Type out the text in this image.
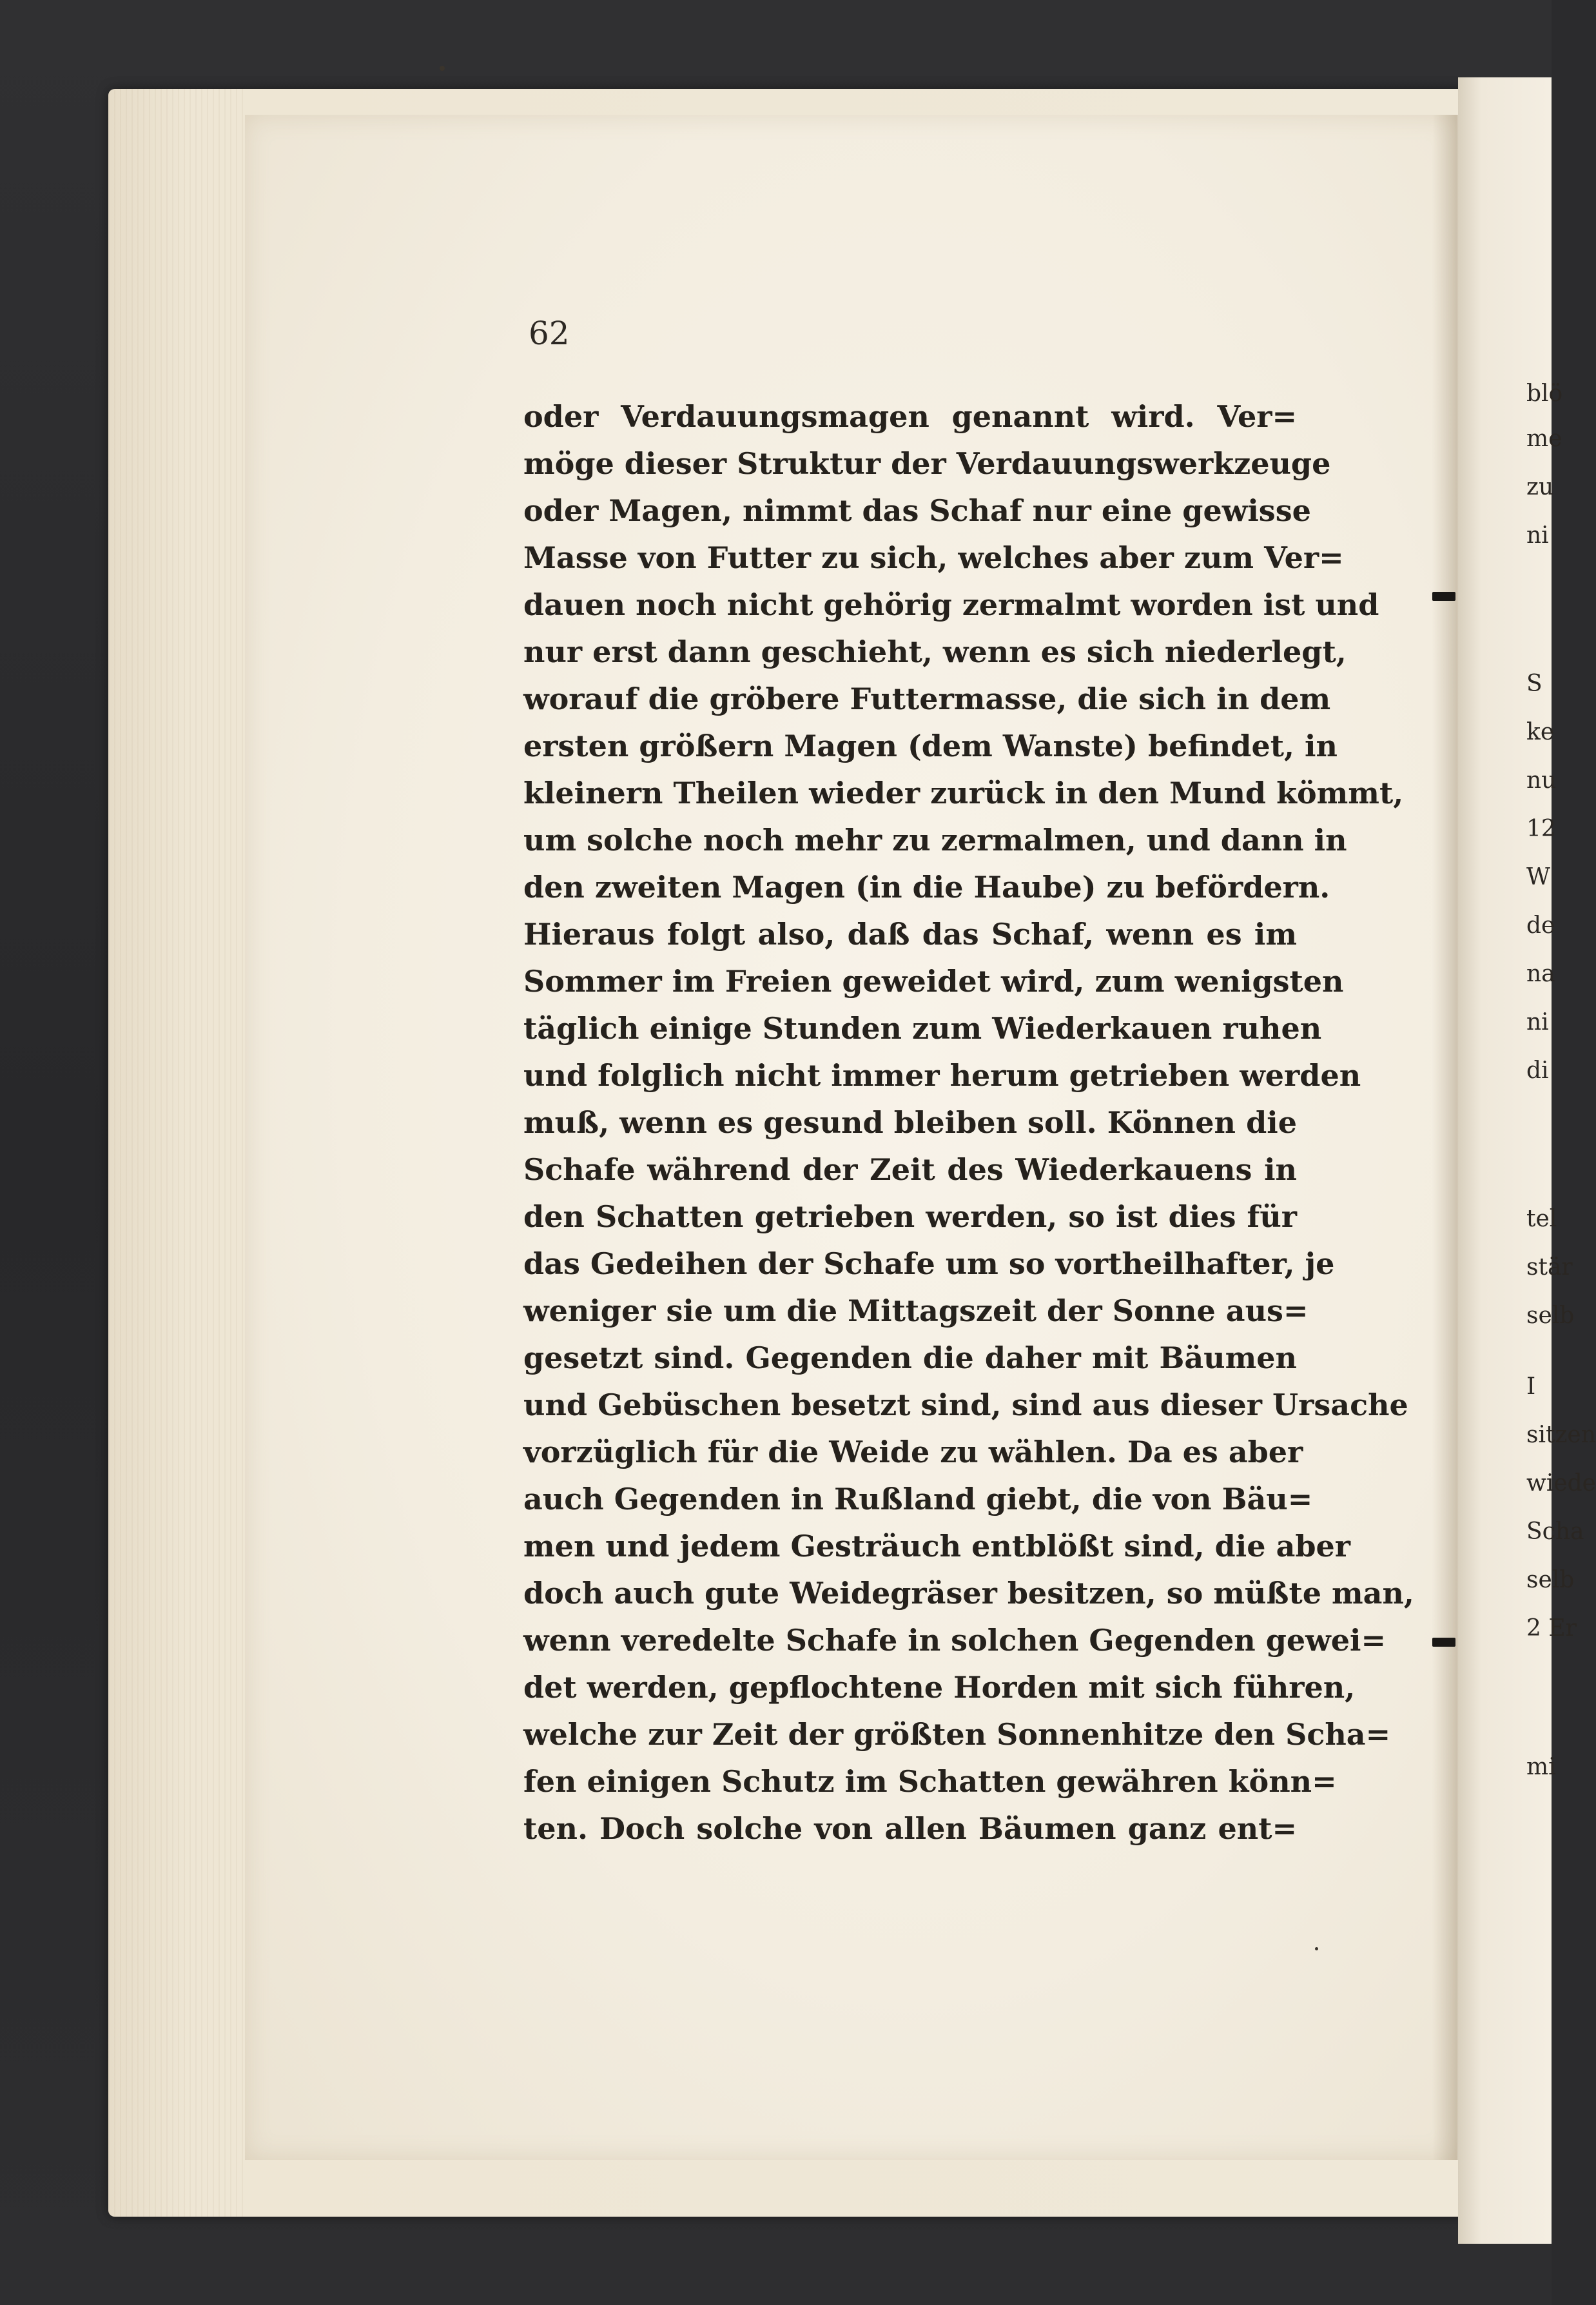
blö
me
zu
ni
S
ke
nu
12
W
de
na
ni
di
tel
stär
selb
I
sitzen
wiede
Scha
selb
2 Er
mi

62

oder Verdauungsmagen genannt wird. Ver=

möge dieser Struktur der Verdauungswerkzeuge

oder Magen, nimmt das Schaf nur eine gewisse

Masse von Futter zu sich, welches aber zum Ver=

dauen noch nicht gehörig zermalmt worden ist und

nur erst dann geschieht, wenn es sich niederlegt,

worauf die gröbere Futtermasse, die sich in dem

ersten größern Magen (dem Wanste) befindet, in

kleinern Theilen wieder zurück in den Mund kömmt,

um solche noch mehr zu zermalmen, und dann in

den zweiten Magen (in die Haube) zu befördern.

Hieraus folgt also, daß das Schaf, wenn es im

Sommer im Freien geweidet wird, zum wenigsten

täglich einige Stunden zum Wiederkauen ruhen

und folglich nicht immer herum getrieben werden

muß, wenn es gesund bleiben soll. Können die

Schafe während der Zeit des Wiederkauens in

den Schatten getrieben werden, so ist dies für

das Gedeihen der Schafe um so vortheilhafter, je

weniger sie um die Mittagszeit der Sonne aus=

gesetzt sind. Gegenden die daher mit Bäumen

und Gebüschen besetzt sind, sind aus dieser Ursache

vorzüglich für die Weide zu wählen. Da es aber

auch Gegenden in Rußland giebt, die von Bäu=

men und jedem Gesträuch entblößt sind, die aber

doch auch gute Weidegräser besitzen, so müßte man,

wenn veredelte Schafe in solchen Gegenden gewei=

det werden, gepflochtene Horden mit sich führen,

welche zur Zeit der größten Sonnenhitze den Scha=

fen einigen Schutz im Schatten gewähren könn=

ten. Doch solche von allen Bäumen ganz ent=
